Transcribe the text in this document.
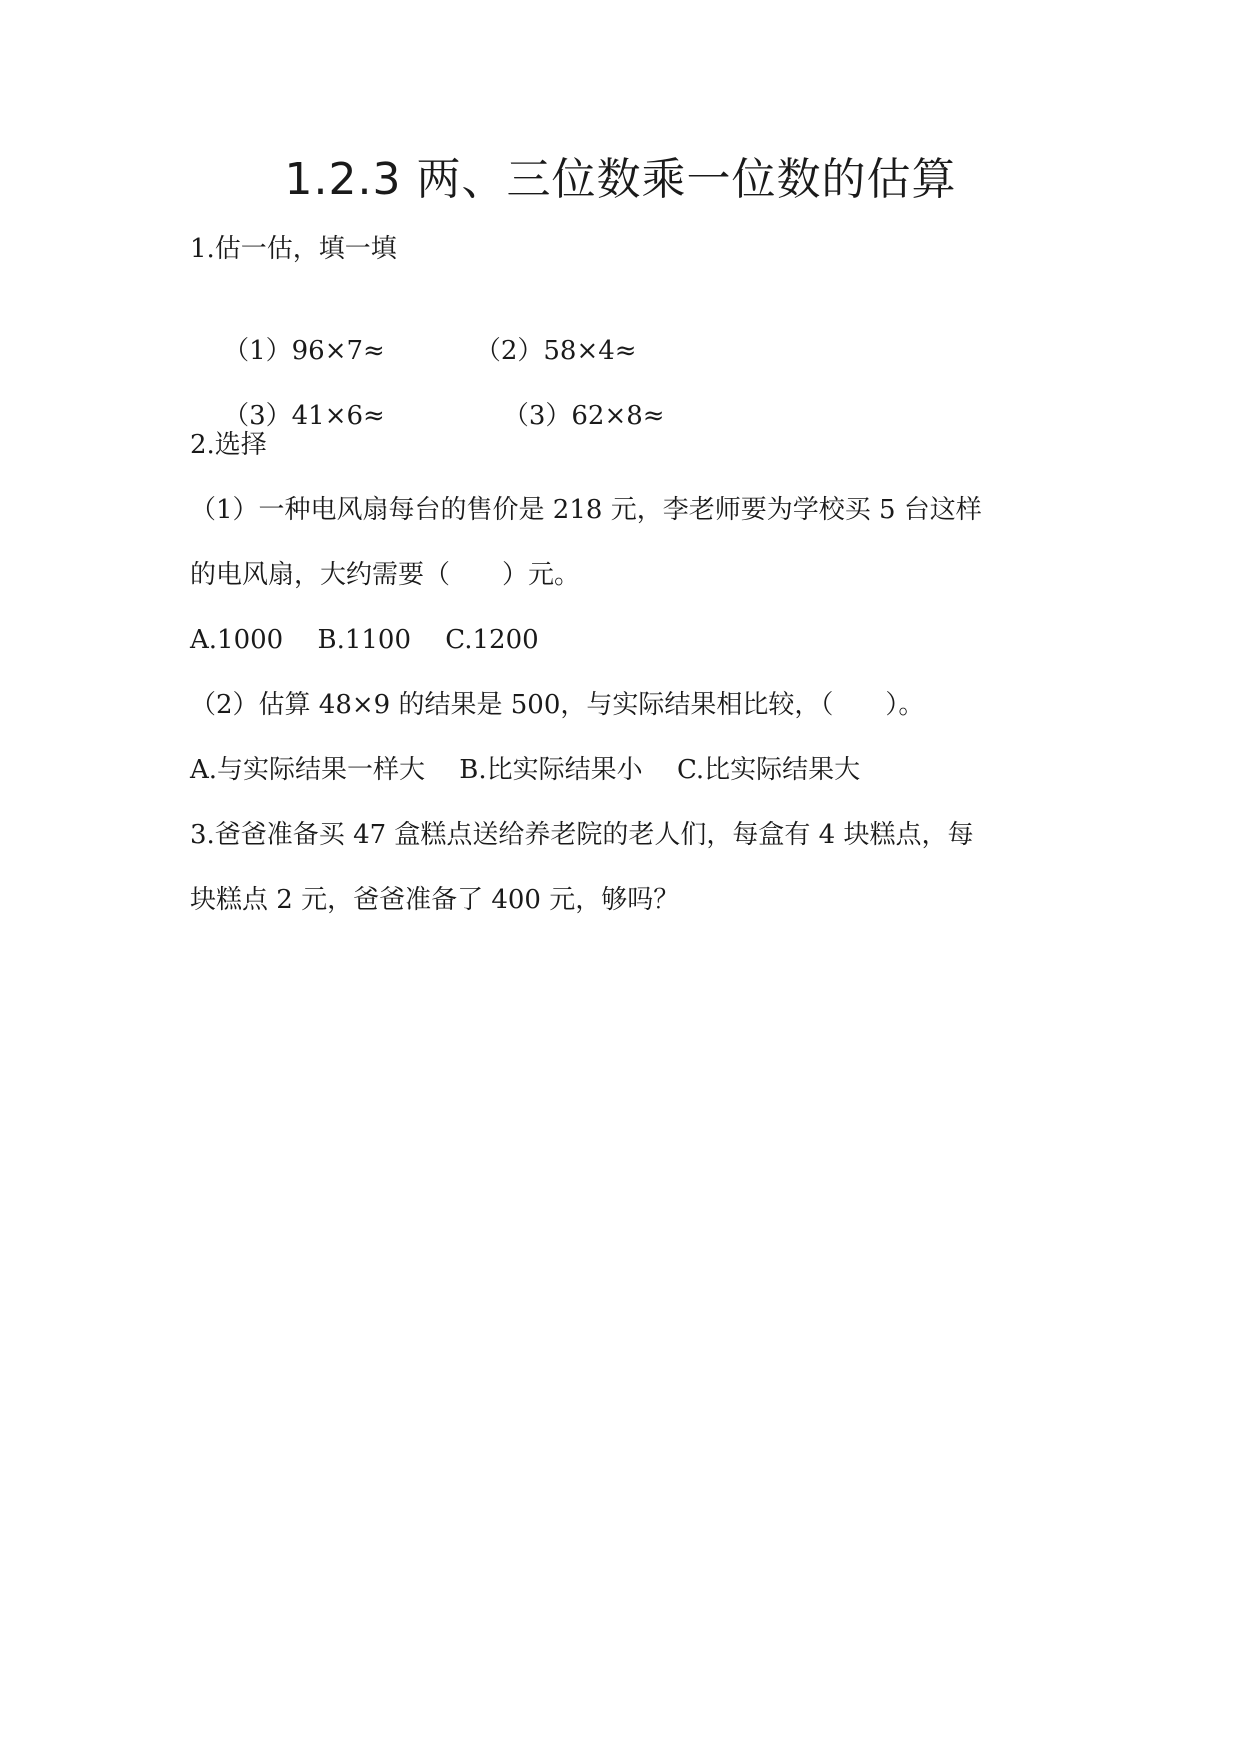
1.2.3 两、三位数乘一位数的估算

1.估一估，填一填

（1）96×7≈	（2）58×4≈

（3）41×6≈	（3）62×8≈

2.选择

（1）一种电风扇每台的售价是 218 元，李老师要为学校买 5 台这样

的电风扇，大约需要（　　）元。

A.1000　 B.1100　 C.1200

（2）估算 48×9 的结果是 500，与实际结果相比较，（　　）。

A.与实际结果一样大　 B.比实际结果小　 C.比实际结果大

3.爸爸准备买 47 盒糕点送给养老院的老人们，每盒有 4 块糕点，每

块糕点 2 元，爸爸准备了 400 元，够吗？
